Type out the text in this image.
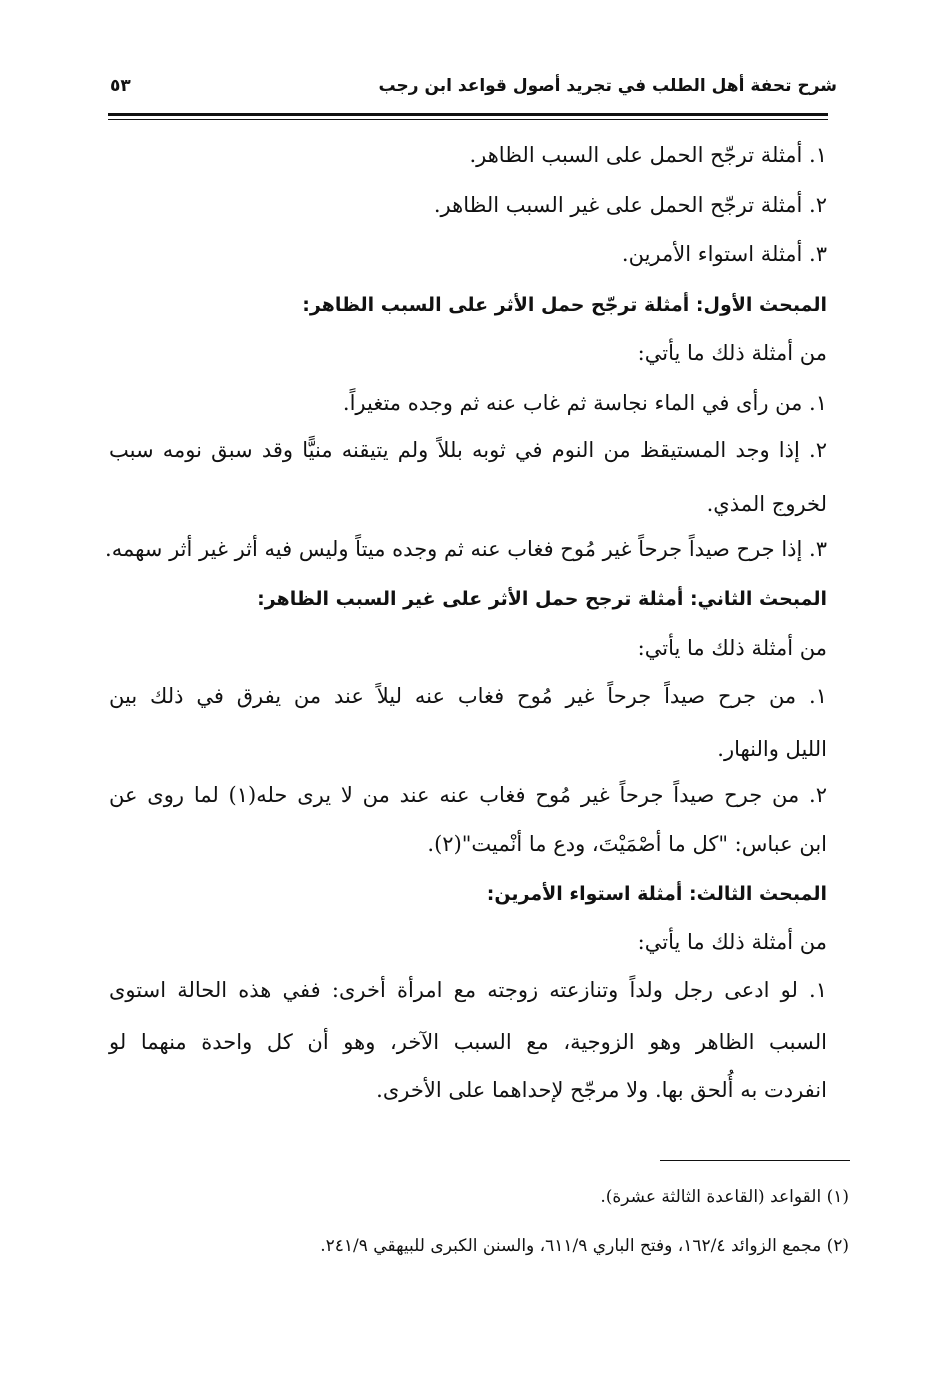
شرح تحفة أهل الطلب في تجريد أصول قواعد ابن رجب
٥٣
١. أمثلة ترجّح الحمل على السبب الظاهر.
٢. أمثلة ترجّح الحمل على غير السبب الظاهر.
٣. أمثلة استواء الأمرين.
المبحث الأول: أمثلة ترجّح حمل الأثر على السبب الظاهر:
من أمثلة ذلك ما يأتي:
١. من رأى في الماء نجاسة ثم غاب عنه ثم وجده متغيراً.
٢. إذا وجد المستيقظ من النوم في ثوبه بللاً ولم يتيقنه منيًّا وقد سبق نومه سبب
لخروج المذي.
٣. إذا جرح صيداً جرحاً غير مُوح فغاب عنه ثم وجده ميتاً وليس فيه أثر غير أثر سهمه.
المبحث الثاني: أمثلة ترجح حمل الأثر على غير السبب الظاهر:
من أمثلة ذلك ما يأتي:
١. من جرح صيداً جرحاً غير مُوح فغاب عنه ليلاً عند من يفرق في ذلك بين
الليل والنهار.
٢. من جرح صيداً جرحاً غير مُوح فغاب عنه عند من لا يرى حله(١) لما روى عن
ابن عباس: "كل ما أصْمَيْتَ، ودع ما أنْميت"(٢).
المبحث الثالث: أمثلة استواء الأمرين:
من أمثلة ذلك ما يأتي:
١. لو ادعى رجل ولداً وتنازعته زوجته مع امرأة أخرى: ففي هذه الحالة استوى
السبب الظاهر وهو الزوجية، مع السبب الآخر، وهو أن كل واحدة منهما لو
انفردت به أُلحق بها. ولا مرجّح لإحداهما على الأخرى.
(١) القواعد (القاعدة الثالثة عشرة).
(٢) مجمع الزوائد ١٦٢/٤، وفتح الباري ٦١١/٩، والسنن الكبرى للبيهقي ٢٤١/٩.
